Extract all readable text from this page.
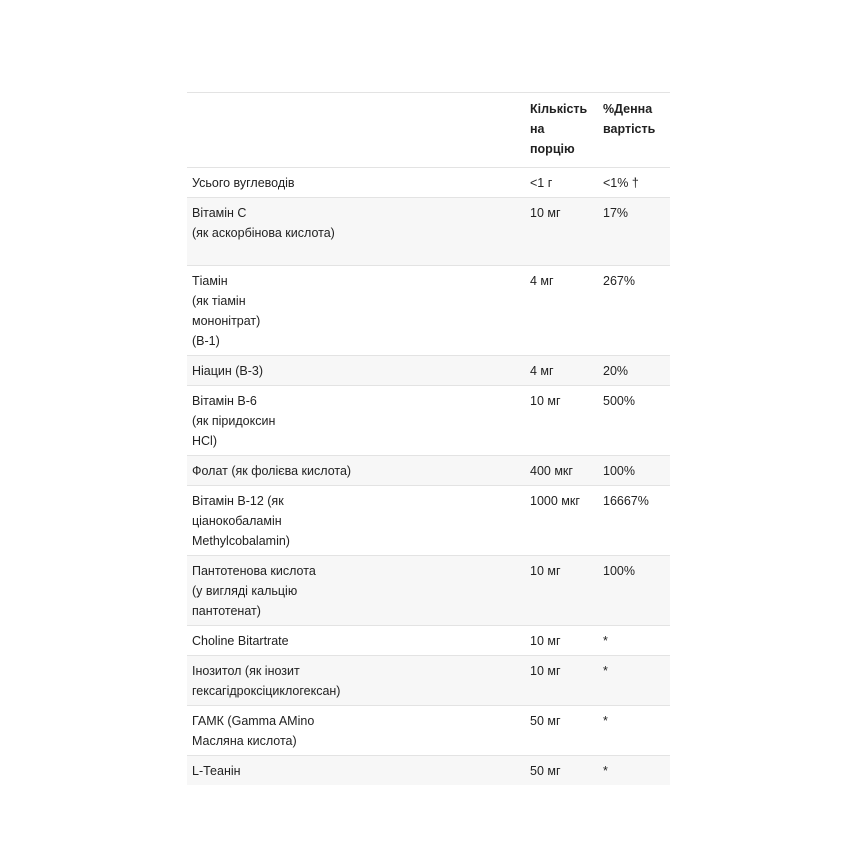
	Кількість
на
порцію	%Денна
вартість

Усього вуглеводів	<1 г	<1% †

Вітамін C
(як аскорбінова кислота)	10 мг	17%

Тіамін
(як тіамін
мононітрат)
(B-1)	4 мг	267%

Ніацин (B-3)	4 мг	20%

Вітамін B-6
(як піридоксин
HCl)	10 мг	500%

Фолат (як фолієва кислота)	400 мкг	100%

Вітамін B-12 (як
ціанокобаламін
Methylcobalamin)	1000 мкг	16667%

Пантотенова кислота
(у вигляді кальцію
пантотенат)	10 мг	100%

Choline Bitartrate	10 мг	*

Інозитол (як інозит
гексагідроксіциклогексан)	10 мг	*

ГАМК (Gamma AMino
Масляна кислота)	50 мг	*

L-Теанін	50 мг	*
